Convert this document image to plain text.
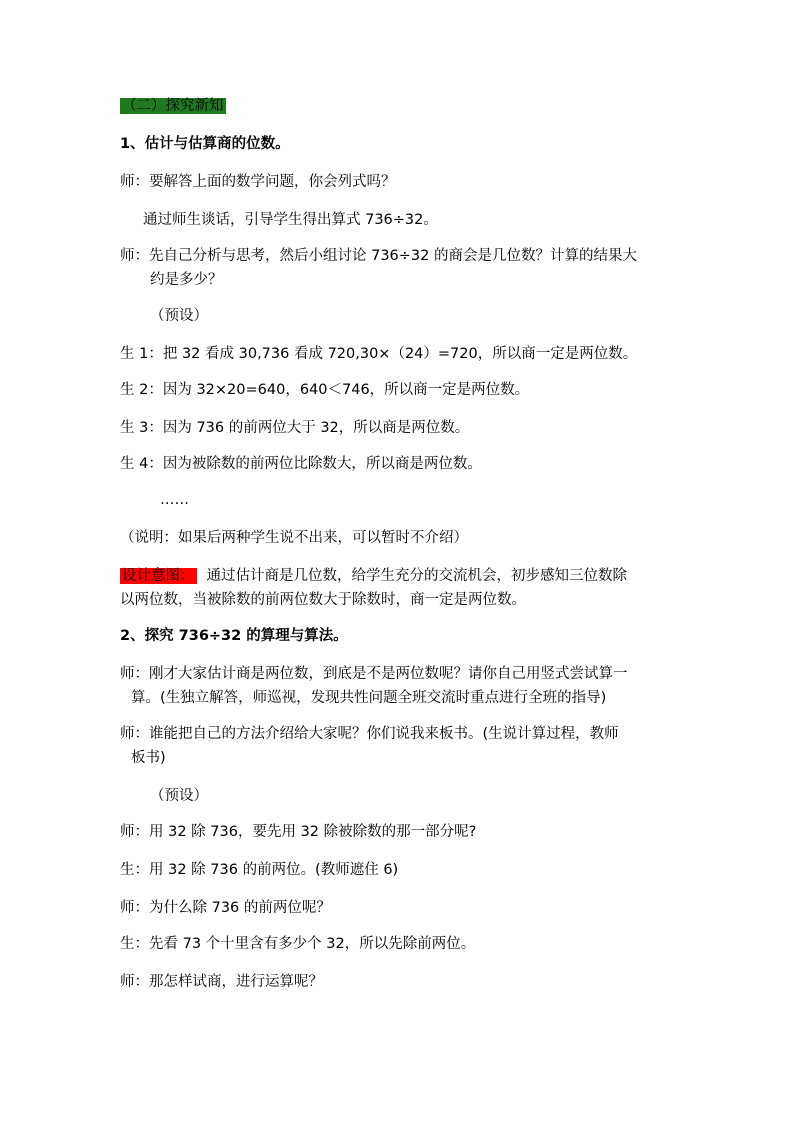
（二）探究新知
1、估计与估算商的位数。
师：要解答上面的数学问题，你会列式吗？
通过师生谈话，引导学生得出算式 736÷32。
师：先自己分析与思考，然后小组讨论 736÷32 的商会是几位数？计算的结果大
约是多少？
（预设）
生 1：把 32 看成 30,736 看成 720,30×（24）=720，所以商一定是两位数。
生 2：因为 32×20=640，640＜746，所以商一定是两位数。
生 3：因为 736 的前两位大于 32，所以商是两位数。
生 4：因为被除数的前两位比除数大，所以商是两位数。
……
（说明：如果后两种学生说不出来，可以暂时不介绍）
设计意图： 通过估计商是几位数，给学生充分的交流机会，初步感知三位数除
以两位数，当被除数的前两位数大于除数时，商一定是两位数。
2、探究 736÷32 的算理与算法。
师：刚才大家估计商是两位数，到底是不是两位数呢？请你自己用竖式尝试算一
算。(生独立解答，师巡视，发现共性问题全班交流时重点进行全班的指导)
师：谁能把自己的方法介绍给大家呢？你们说我来板书。(生说计算过程，教师
板书)
（预设）
师：用 32 除 736，要先用 32 除被除数的那一部分呢?
生：用 32 除 736 的前两位。(教师遮住 6)
师：为什么除 736 的前两位呢？
生：先看 73 个十里含有多少个 32，所以先除前两位。
师：那怎样试商，进行运算呢？
